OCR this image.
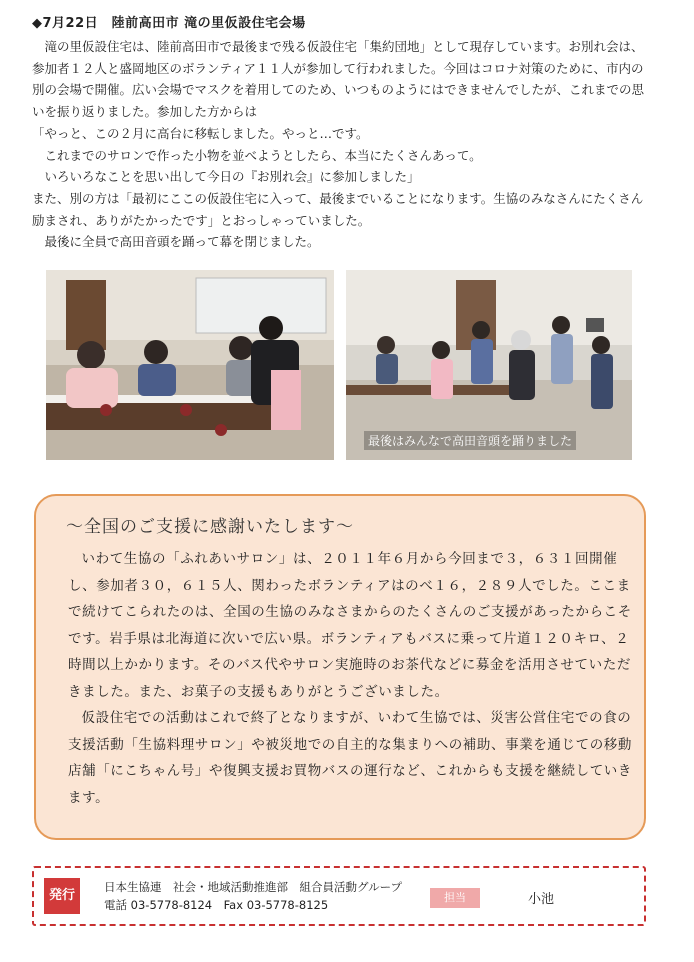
◆7月22日　陸前高田市 滝の里仮設住宅会場

　滝の里仮設住宅は、陸前高田市で最後まで残る仮設住宅「集約団地」として現存しています。お別れ会は、参加者１２人と盛岡地区のボランティア１１人が参加して行われました。今回はコロナ対策のために、市内の別の会場で開催。広い会場でマスクを着用してのため、いつものようにはできませんでしたが、これまでの思いを振り返りました。参加した方からは

「やっと、この２月に高台に移転しました。やっと…です。

　これまでのサロンで作った小物を並べようとしたら、本当にたくさんあって。

　いろいろなことを思い出して今日の『お別れ会』に参加しました」

また、別の方は「最初にここの仮設住宅に入って、最後までいることになります。生協のみなさんにたくさん励まされ、ありがたかったです」とおっしゃっていました。

　最後に全員で高田音頭を踊って幕を閉じました。

最後はみんなで高田音頭を踊りました
～全国のご支援に感謝いたします～

いわて生協の「ふれあいサロン」は、２０１１年６月から今回まで３，６３１回開催し、参加者３０，６１５人、関わったボランティアはのべ１６，２８９人でした。ここまで続けてこられたのは、全国の生協のみなさまからのたくさんのご支援があったからこそです。岩手県は北海道に次いで広い県。ボランティアもバスに乗って片道１２０キロ、２時間以上かかります。そのバス代やサロン実施時のお茶代などに募金を活用させていただきました。また、お菓子の支援もありがとうございました。

仮設住宅での活動はこれで終了となりますが、いわて生協では、災害公営住宅での食の支援活動「生協料理サロン」や被災地での自主的な集まりへの補助、事業を通じての移動店舗「にこちゃん号」や復興支援お買物バスの運行など、これからも支援を継続していきます。

発行
日本生協連　社会・地域活動推進部　組合員活動グループ
電話 03-5778-8124　Fax 03-5778-8125
担当	小池
